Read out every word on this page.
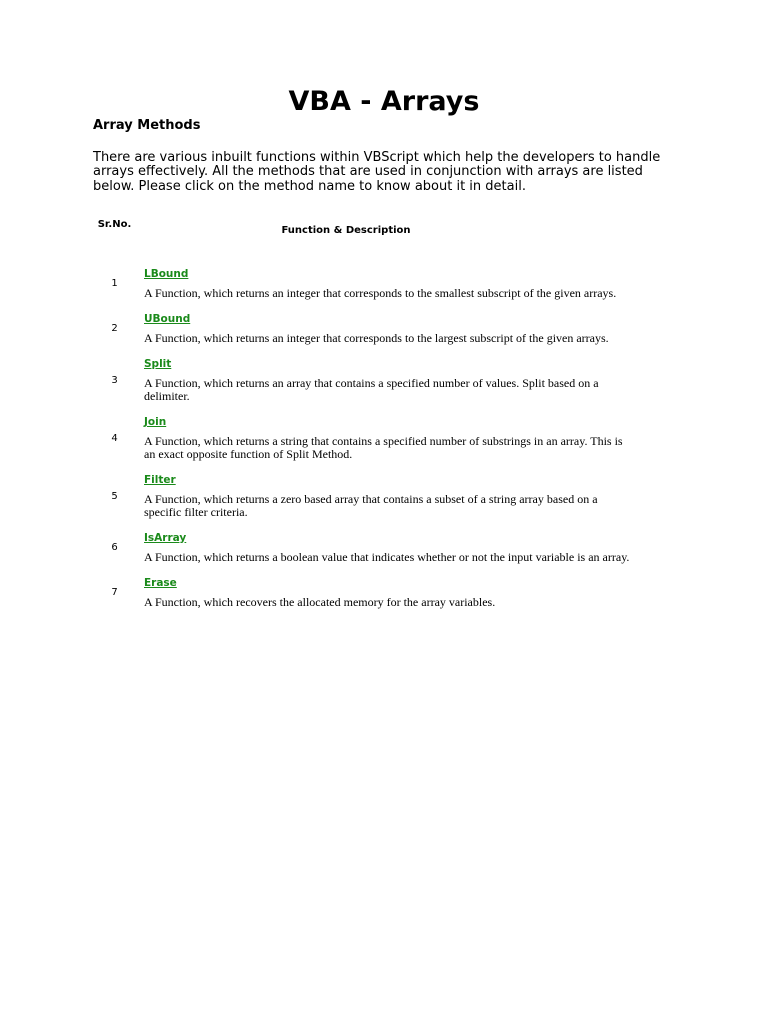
VBA - Arrays
Array Methods

There are various inbuilt functions within VBScript which help the developers to handle arrays effectively. All the methods that are used in conjunction with arrays are listed below. Please click on the method name to know about it in detail.

Sr.No.
Function & Description
1
LBound

A Function, which returns an integer that corresponds to the smallest subscript of the given arrays.

2
UBound

A Function, which returns an integer that corresponds to the largest subscript of the given arrays.

3
Split

A Function, which returns an array that contains a specified number of values. Split based on a delimiter.

4
Join

A Function, which returns a string that contains a specified number of substrings in an array. This is an exact opposite function of Split Method.

5
Filter

A Function, which returns a zero based array that contains a subset of a string array based on a specific filter criteria.

6
IsArray

A Function, which returns a boolean value that indicates whether or not the input variable is an array.

7
Erase

A Function, which recovers the allocated memory for the array variables.
